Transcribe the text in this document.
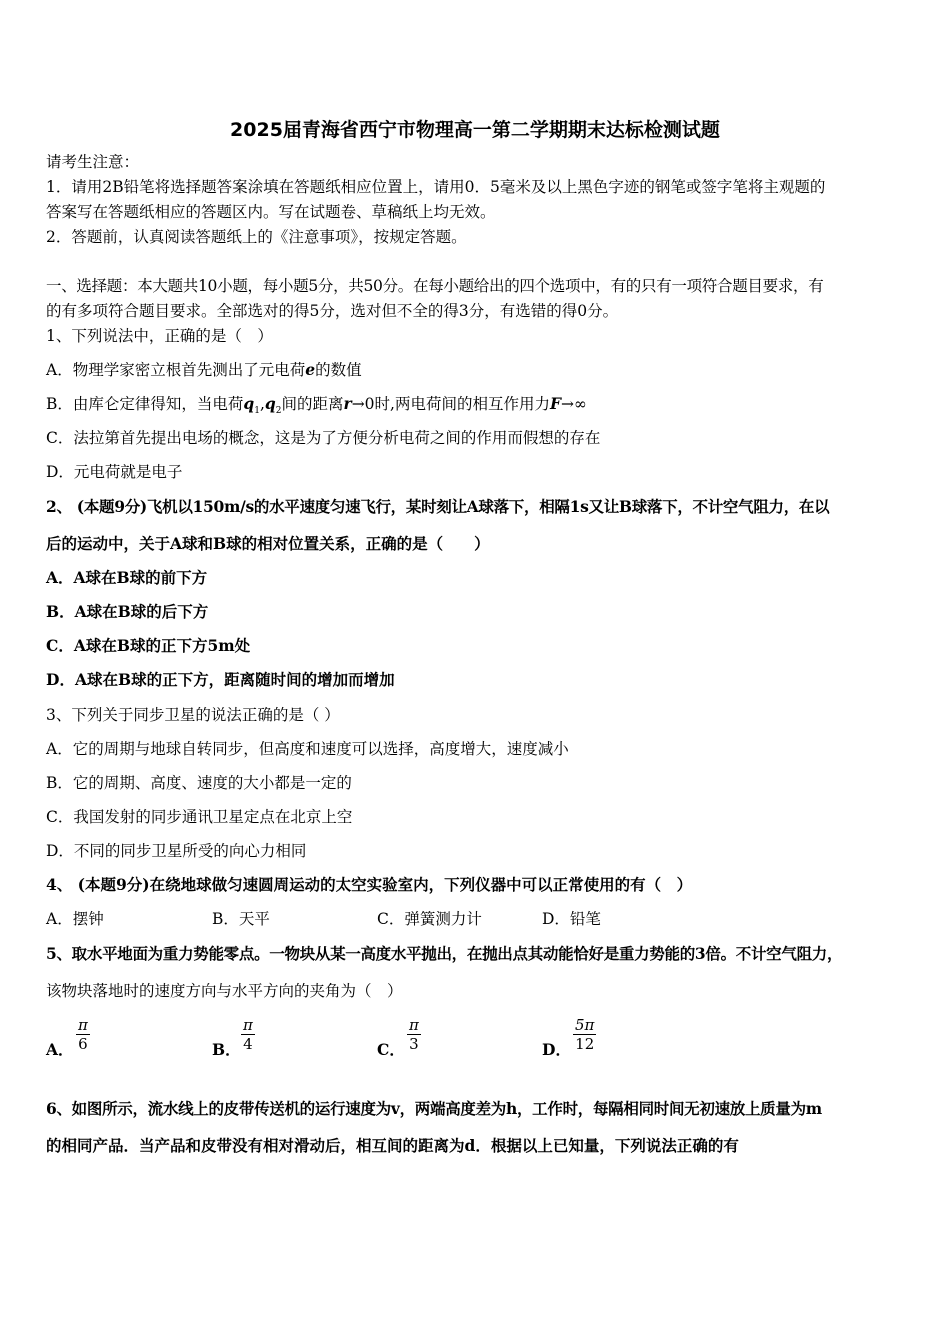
2025届青海省西宁市物理高一第二学期期末达标检测试题
请考生注意：
1．请用2B铅笔将选择题答案涂填在答题纸相应位置上，请用0．5毫米及以上黑色字迹的钢笔或签字笔将主观题的
答案写在答题纸相应的答题区内。写在试题卷、草稿纸上均无效。
2．答题前，认真阅读答题纸上的《注意事项》，按规定答题。
一、选择题：本大题共10小题，每小题5分，共50分。在每小题给出的四个选项中，有的只有一项符合题目要求，有
的有多项符合题目要求。全部选对的得5分，选对但不全的得3分，有选错的得0分。
1、下列说法中，正确的是（　）
A．物理学家密立根首先测出了元电荷e的数值
B．由库仑定律得知，当电荷$q_1,q_2$间的距离r→0时,两电荷间的相互作用力F→∞
C．法拉第首先提出电场的概念，这是为了方便分析电荷之间的作用而假想的存在
D．元电荷就是电子
2、 (本题9分)飞机以150m/s的水平速度匀速飞行，某时刻让A球落下，相隔1s又让B球落下，不计空气阻力，在以
后的运动中，关于A球和B球的相对位置关系，正确的是（　　）
A．A球在B球的前下方
B．A球在B球的后下方
C．A球在B球的正下方5m处
D．A球在B球的正下方，距离随时间的增加而增加
3、下列关于同步卫星的说法正确的是（ ）
A．它的周期与地球自转同步，但高度和速度可以选择，高度增大，速度减小
B．它的周期、高度、速度的大小都是一定的
C．我国发射的同步通讯卫星定点在北京上空
D．不同的同步卫星所受的向心力相同
4、 (本题9分)在绕地球做匀速圆周运动的太空实验室内，下列仪器中可以正常使用的有（　）
A．摆钟	B．天平	C．弹簧测力计	D．铅笔
5、取水平地面为重力势能零点。一物块从某一高度水平抛出，在抛出点其动能恰好是重力势能的3倍。不计空气阻力，
该物块落地时的速度方向与水平方向的夹角为（　）
A． $\frac{\pi}{6}$	B． $\frac{\pi}{4}$	C． $\frac{\pi}{3}$	D． $\frac{5\pi}{12}$
6、如图所示，流水线上的皮带传送机的运行速度为v，两端高度差为h，工作时，每隔相同时间无初速放上质量为m
的相同产品．当产品和皮带没有相对滑动后，相互间的距离为d．根据以上已知量，下列说法正确的有
